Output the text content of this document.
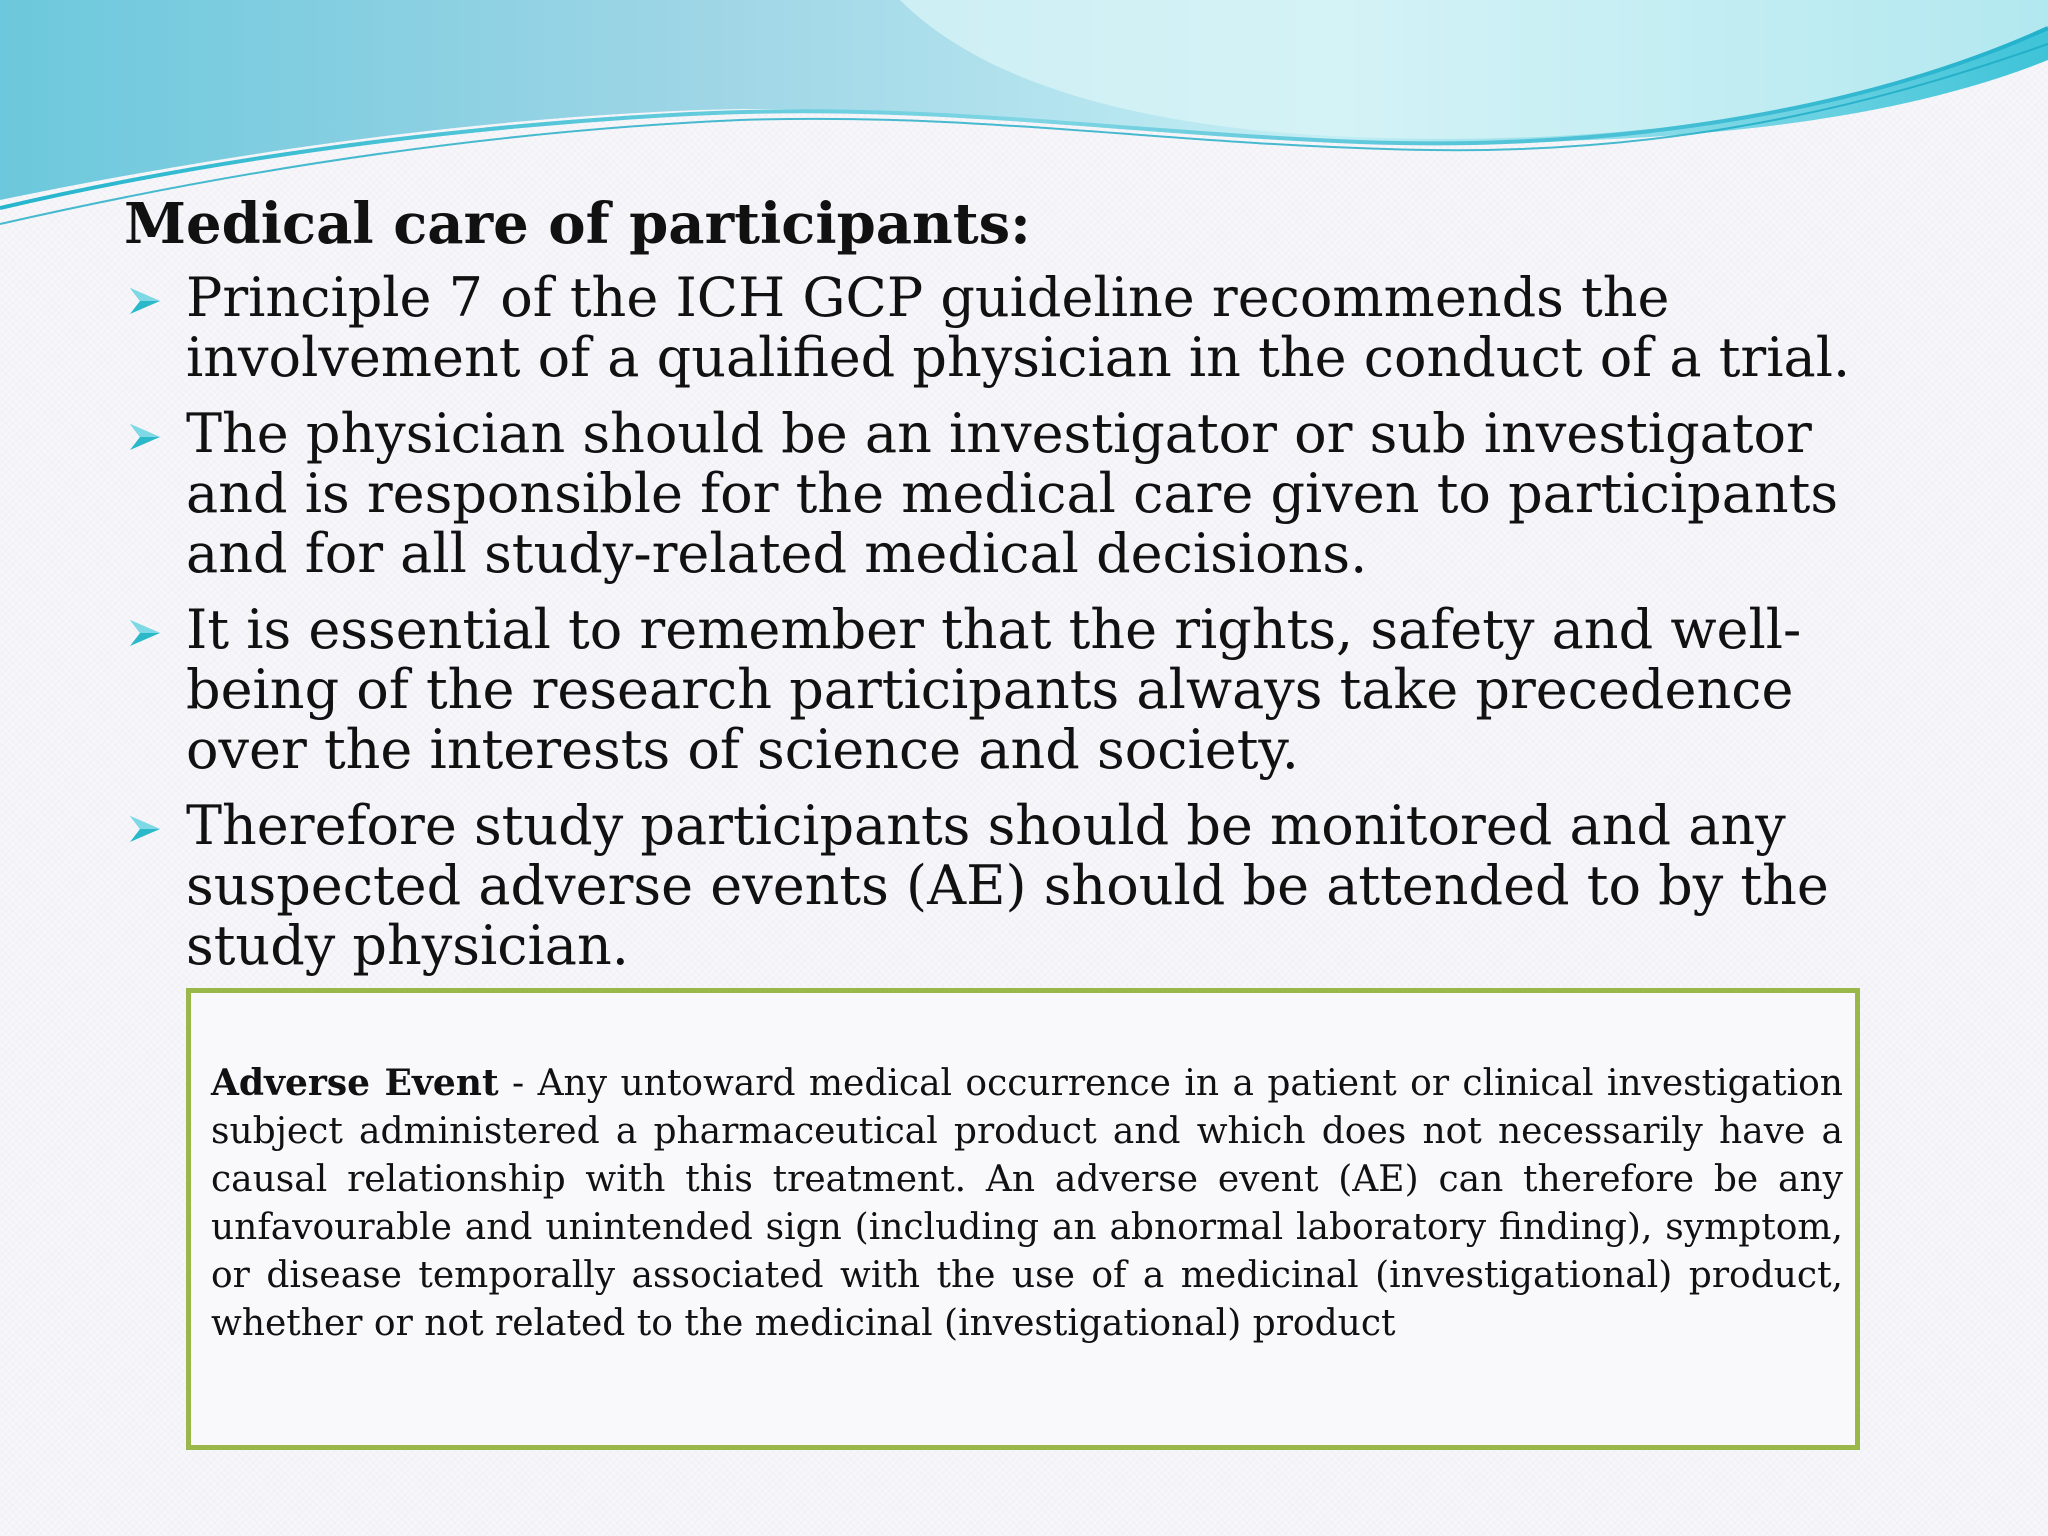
Medical care of participants:
Principle 7 of the ICH GCP guideline recommends the involvement of a qualified physician in the conduct of a trial.
The physician should be an investigator or sub investigator and is responsible for the medical care given to participants and for all study-related medical decisions.
It is essential to remember that the rights, safety and well-being of the research participants always take precedence over the interests of science and society.
Therefore study participants should be monitored and any suspected adverse events (AE) should be attended to by the study physician.

Adverse Event - Any untoward medical occurrence in a patient or clinical investigation subject administered a pharmaceutical product and which does not necessarily have a causal relationship with this treatment. An adverse event (AE) can therefore be any unfavourable and unintended sign (including an abnormal laboratory finding), symptom, or disease temporally associated with the use of a medicinal (investigational) product, whether or not related to the medicinal (investigational) product
